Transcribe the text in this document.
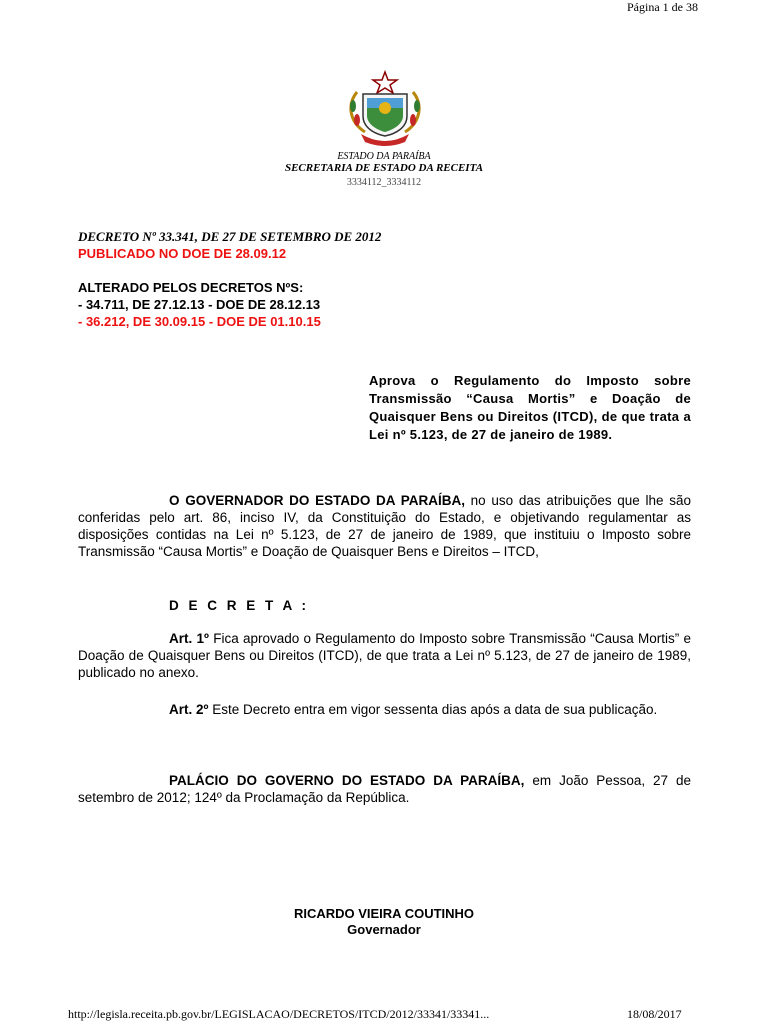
Página 1 de 38
ESTADO DA PARAÍBA
SECRETARIA DE ESTADO DA RECEITA
3334112_3334112
DECRETO Nº 33.341, DE 27 DE SETEMBRO DE 2012
PUBLICADO NO DOE DE 28.09.12
ALTERADO PELOS DECRETOS NºS:
- 34.711, DE 27.12.13 - DOE DE 28.12.13
- 36.212, DE 30.09.15 - DOE DE 01.10.15
Aprova o Regulamento do Imposto sobre Transmissão “Causa Mortis” e Doação de Quaisquer Bens ou Direitos (ITCD), de que trata a Lei nº 5.123, de 27 de janeiro de 1989.
O GOVERNADOR DO ESTADO DA PARAÍBA, no uso das atribuições que lhe são conferidas pelo art. 86, inciso IV, da Constituição do Estado, e objetivando regulamentar as disposições contidas na Lei nº 5.123, de 27 de janeiro de 1989, que instituiu o Imposto sobre Transmissão “Causa Mortis” e Doação de Quaisquer Bens e Direitos – ITCD,
D E C R E T A :
Art. 1º Fica aprovado o Regulamento do Imposto sobre Transmissão “Causa Mortis” e Doação de Quaisquer Bens ou Direitos (ITCD), de que trata a Lei nº 5.123, de 27 de janeiro de 1989, publicado no anexo.
Art. 2º Este Decreto entra em vigor sessenta dias após a data de sua publicação.
PALÁCIO DO GOVERNO DO ESTADO DA PARAÍBA, em João Pessoa, 27 de setembro de 2012; 124º da Proclamação da República.
RICARDO VIEIRA COUTINHO
Governador
http://legisla.receita.pb.gov.br/LEGISLACAO/DECRETOS/ITCD/2012/33341/33341...	18/08/2017
